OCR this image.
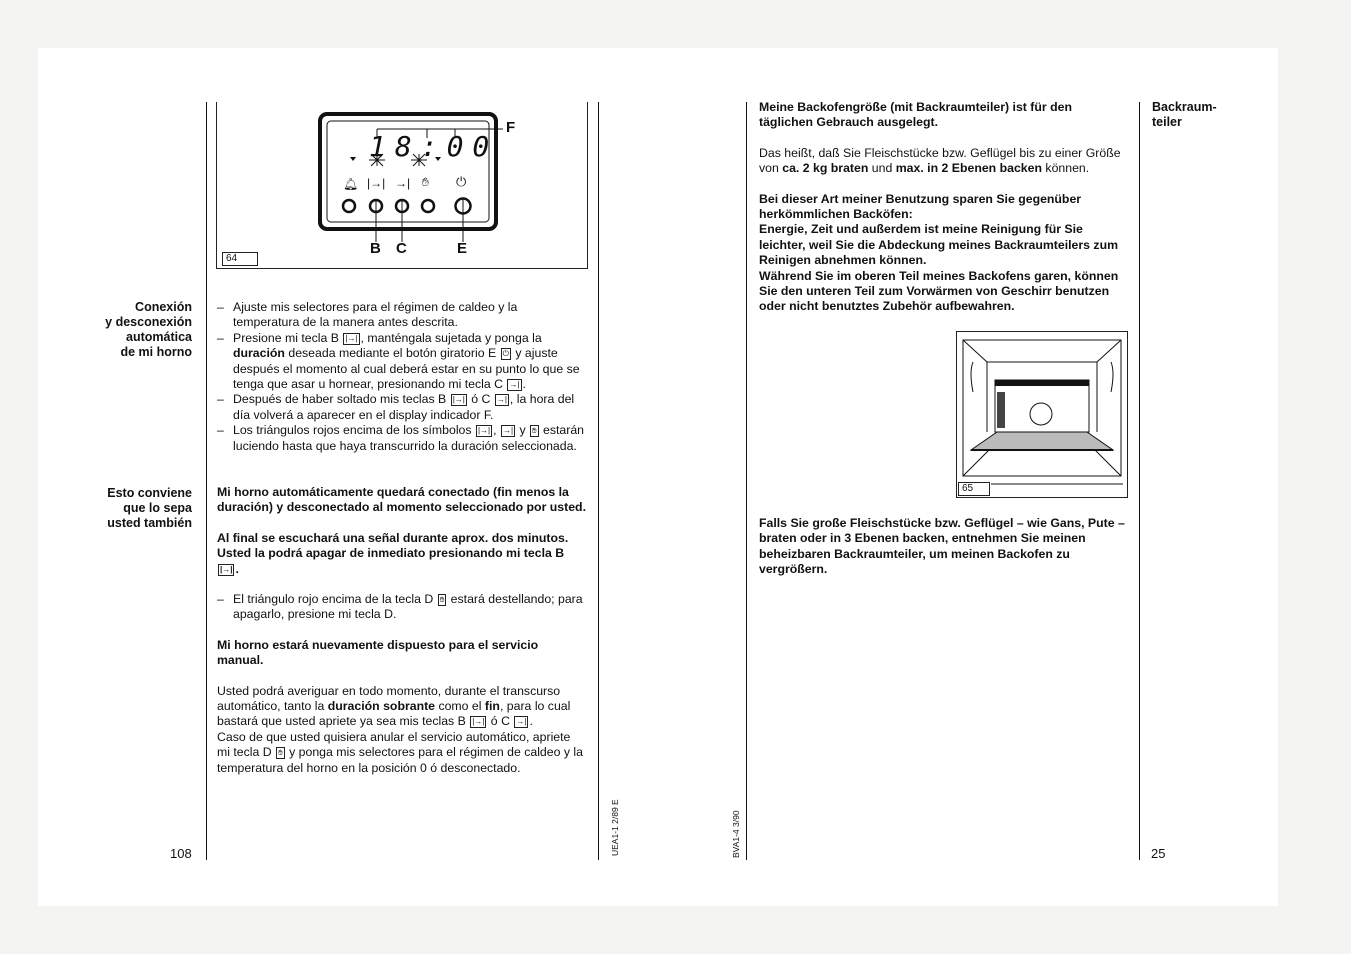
18:00
🔔︎ |→| →| ✋︎ ⏻
F
B C	E
64
Conexión
y desconexión
automática
de mi horno

– Ajuste mis selectores para el régimen de caldeo y la temperatura de la manera antes descrita.

– Presione mi tecla B |→| , manténgala sujetada y ponga la duración deseada mediante el botón giratorio E ⏻ y ajuste después el momento al cual deberá estar en su punto lo que se tenga que asar u hornear, presionando mi tecla C →| .

– Después de haber soltado mis teclas B |→| ó C →| , la hora del día volverá a aparecer en el display indicador F.

– Los triángulos rojos encima de los símbolos |→| , →| y ✋︎ estarán luciendo hasta que haya transcurrido la duración seleccionada.

Esto conviene
que lo sepa
usted también

Mi horno automáticamente quedará conectado (fin menos la duración) y desconectado al momento seleccionado por usted.

Al final se escuchará una señal durante aprox. dos minutos. Usted la podrá apagar de inmediato presionando mi tecla B |→| .

– El triángulo rojo encima de la tecla D ✋︎ estará destellando; para apagarlo, presione mi tecla D.

Mi horno estará nuevamente dispuesto para el servicio manual.

Usted podrá averiguar en todo momento, durante el transcurso automático, tanto la duración sobrante como el fin, para lo cual bastará que usted apriete ya sea mis teclas B |→| ó C →| .

Caso de que usted quisiera anular el servicio automático, apriete mi tecla D ✋︎ y ponga mis selectores para el régimen de caldeo y la temperatura del horno en la posición 0 ó desconectado.

108	UEA1-1 2/89 E	BVA1-4 3/90
Backraum-
teiler

Meine Backofengröße (mit Backraumteiler) ist für den täglichen Gebrauch ausgelegt.

Das heißt, daß Sie Fleischstücke bzw. Geflügel bis zu einer Größe von ca. 2 kg braten und max. in 2 Ebenen backen können.

Bei dieser Art meiner Benutzung sparen Sie gegenüber herkömmlichen Backöfen:

Energie, Zeit und außerdem ist meine Reinigung für Sie leichter, weil Sie die Abdeckung meines Backraumteilers zum Reinigen abnehmen können.

Während Sie im oberen Teil meines Backofens garen, können Sie den unteren Teil zum Vorwärmen von Geschirr benutzen oder nicht benutztes Zubehör aufbewahren.

65
Falls Sie große Fleischstücke bzw. Geflügel – wie Gans, Pute – braten oder in 3 Ebenen backen, entnehmen Sie meinen beheizbaren Backraumteiler, um meinen Backofen zu vergrößern.
25
